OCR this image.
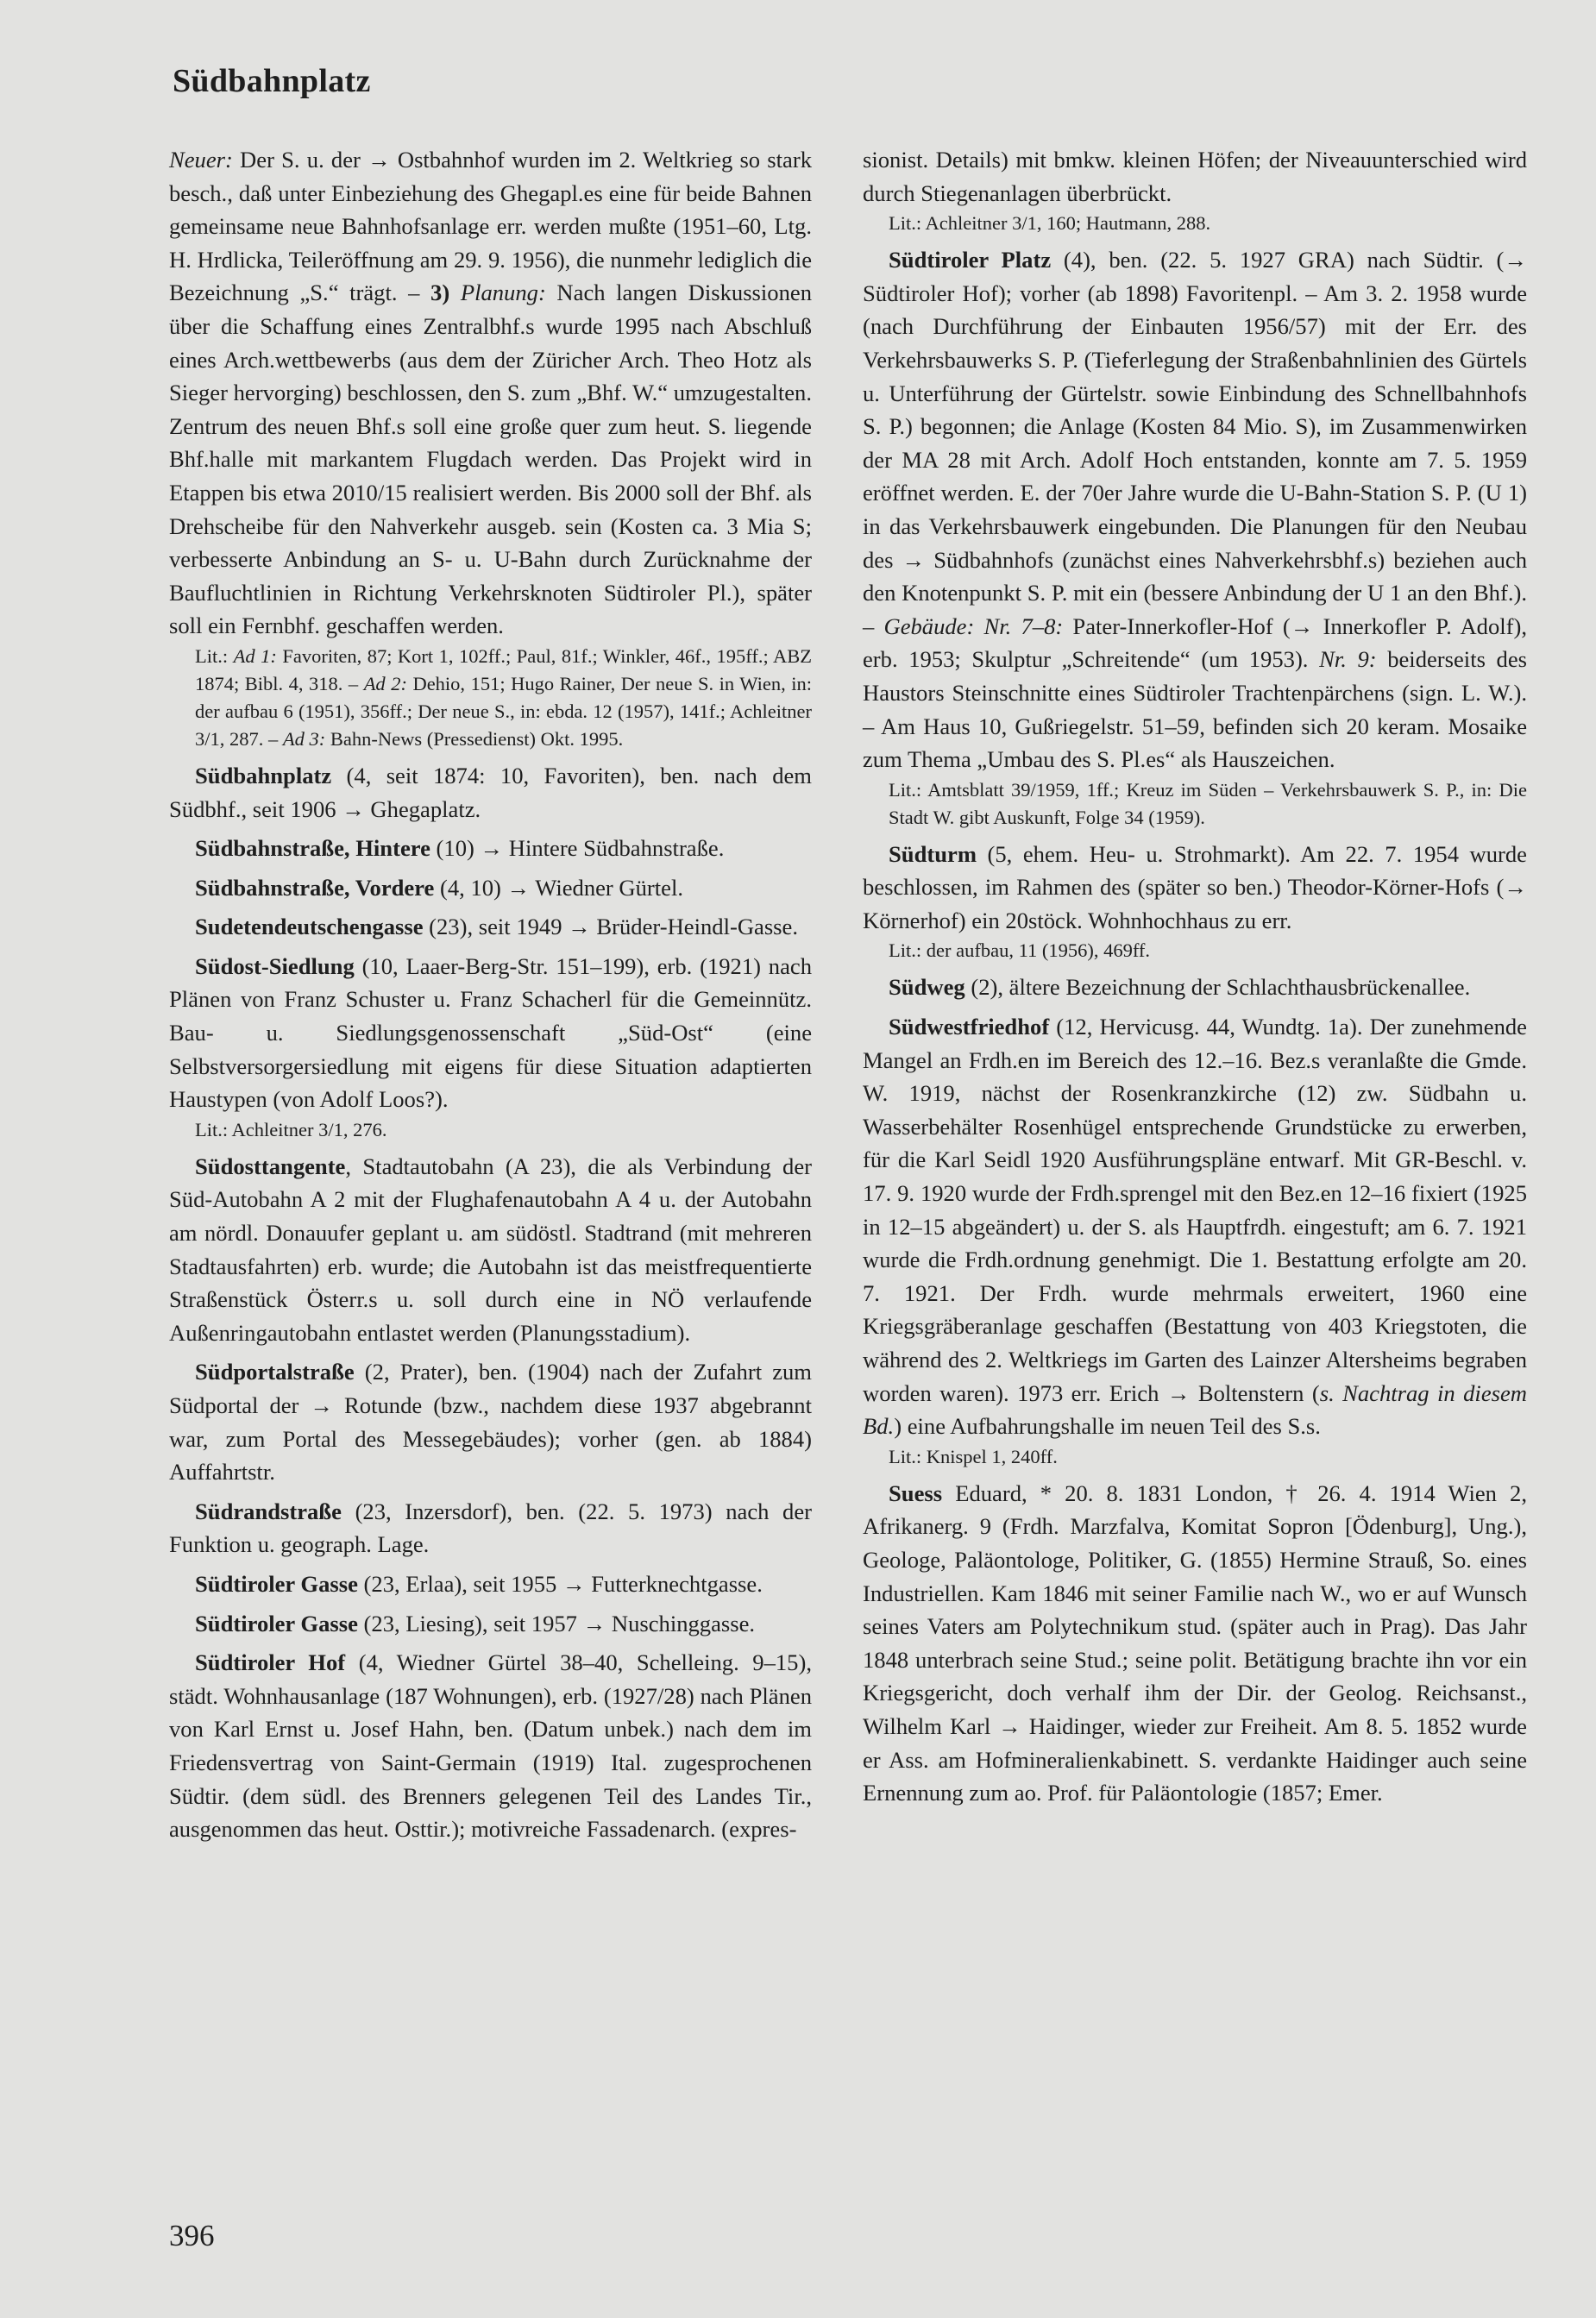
Südbahnplatz

Neuer: Der S. u. der → Ostbahnhof wurden im 2. Weltkrieg so stark besch., daß unter Einbeziehung des Ghegapl.es eine für beide Bahnen gemeinsame neue Bahnhofsanlage err. werden mußte (1951–60, Ltg. H. Hrdlicka, Teileröffnung am 29. 9. 1956), die nunmehr lediglich die Bezeichnung „S.“ trägt. – 3) Planung: Nach langen Diskussionen über die Schaffung eines Zentralbhf.s wurde 1995 nach Abschluß eines Arch.wettbewerbs (aus dem der Züricher Arch. Theo Hotz als Sieger hervorging) beschlossen, den S. zum „Bhf. W.“ umzugestalten. Zentrum des neuen Bhf.s soll eine große quer zum heut. S. liegende Bhf.halle mit markantem Flugdach werden. Das Projekt wird in Etappen bis etwa 2010/15 realisiert werden. Bis 2000 soll der Bhf. als Drehscheibe für den Nahverkehr ausgeb. sein (Kosten ca. 3 Mia S; verbesserte Anbindung an S- u. U-Bahn durch Zurücknahme der Baufluchtlinien in Richtung Verkehrsknoten Südtiroler Pl.), später soll ein Fernbhf. geschaffen werden.

Lit.: Ad 1: Favoriten, 87; Kort 1, 102ff.; Paul, 81f.; Winkler, 46f., 195ff.; ABZ 1874; Bibl. 4, 318. – Ad 2: Dehio, 151; Hugo Rainer, Der neue S. in Wien, in: der aufbau 6 (1951), 356ff.; Der neue S., in: ebda. 12 (1957), 141f.; Achleitner 3/1, 287. – Ad 3: Bahn-News (Pressedienst) Okt. 1995.

Südbahnplatz (4, seit 1874: 10, Favoriten), ben. nach dem Südbhf., seit 1906 → Ghegaplatz.

Südbahnstraße, Hintere (10) → Hintere Südbahnstraße.

Südbahnstraße, Vordere (4, 10) → Wiedner Gürtel.

Sudetendeutschengasse (23), seit 1949 → Brüder-Heindl-Gasse.

Südost-Siedlung (10, Laaer-Berg-Str. 151–199), erb. (1921) nach Plänen von Franz Schuster u. Franz Schacherl für die Gemeinnütz. Bau- u. Siedlungsgenossenschaft „Süd-Ost“ (eine Selbstversorgersiedlung mit eigens für diese Situation adaptierten Haustypen (von Adolf Loos?).

Lit.: Achleitner 3/1, 276.

Südosttangente, Stadtautobahn (A 23), die als Verbindung der Süd-Autobahn A 2 mit der Flughafenautobahn A 4 u. der Autobahn am nördl. Donauufer geplant u. am südöstl. Stadtrand (mit mehreren Stadtausfahrten) erb. wurde; die Autobahn ist das meistfrequentierte Straßenstück Österr.s u. soll durch eine in NÖ verlaufende Außenringautobahn entlastet werden (Planungsstadium).

Südportalstraße (2, Prater), ben. (1904) nach der Zufahrt zum Südportal der → Rotunde (bzw., nachdem diese 1937 abgebrannt war, zum Portal des Messegebäudes); vorher (gen. ab 1884) Auffahrtstr.

Südrandstraße (23, Inzersdorf), ben. (22. 5. 1973) nach der Funktion u. geograph. Lage.

Südtiroler Gasse (23, Erlaa), seit 1955 → Futterknechtgasse.

Südtiroler Gasse (23, Liesing), seit 1957 → Nuschinggasse.

Südtiroler Hof (4, Wiedner Gürtel 38–40, Schelleing. 9–15), städt. Wohnhausanlage (187 Wohnungen), erb. (1927/28) nach Plänen von Karl Ernst u. Josef Hahn, ben. (Datum unbek.) nach dem im Friedensvertrag von Saint-Germain (1919) Ital. zugesprochenen Südtir. (dem südl. des Brenners gelegenen Teil des Landes Tir., ausgenommen das heut. Osttir.); motivreiche Fassadenarch. (expres-

sionist. Details) mit bmkw. kleinen Höfen; der Niveauunterschied wird durch Stiegenanlagen überbrückt.

Lit.: Achleitner 3/1, 160; Hautmann, 288.

Südtiroler Platz (4), ben. (22. 5. 1927 GRA) nach Südtir. (→ Südtiroler Hof); vorher (ab 1898) Favoritenpl. – Am 3. 2. 1958 wurde (nach Durchführung der Einbauten 1956/57) mit der Err. des Verkehrsbauwerks S. P. (Tieferlegung der Straßenbahnlinien des Gürtels u. Unterführung der Gürtelstr. sowie Einbindung des Schnellbahnhofs S. P.) begonnen; die Anlage (Kosten 84 Mio. S), im Zusammenwirken der MA 28 mit Arch. Adolf Hoch entstanden, konnte am 7. 5. 1959 eröffnet werden. E. der 70er Jahre wurde die U-Bahn-Station S. P. (U 1) in das Verkehrsbauwerk eingebunden. Die Planungen für den Neubau des → Südbahnhofs (zunächst eines Nahverkehrsbhf.s) beziehen auch den Knotenpunkt S. P. mit ein (bessere Anbindung der U 1 an den Bhf.). – Gebäude: Nr. 7–8: Pater-Innerkofler-Hof (→ Innerkofler P. Adolf), erb. 1953; Skulptur „Schreitende“ (um 1953). Nr. 9: beiderseits des Haustors Steinschnitte eines Südtiroler Trachtenpärchens (sign. L. W.). – Am Haus 10, Gußriegelstr. 51–59, befinden sich 20 keram. Mosaike zum Thema „Umbau des S. Pl.es“ als Hauszeichen.

Lit.: Amtsblatt 39/1959, 1ff.; Kreuz im Süden – Verkehrsbauwerk S. P., in: Die Stadt W. gibt Auskunft, Folge 34 (1959).

Südturm (5, ehem. Heu- u. Strohmarkt). Am 22. 7. 1954 wurde beschlossen, im Rahmen des (später so ben.) Theodor-Körner-Hofs (→ Körnerhof) ein 20stöck. Wohnhochhaus zu err.

Lit.: der aufbau, 11 (1956), 469ff.

Südweg (2), ältere Bezeichnung der Schlachthausbrückenallee.

Südwestfriedhof (12, Hervicusg. 44, Wundtg. 1a). Der zunehmende Mangel an Frdh.en im Bereich des 12.–16. Bez.s veranlaßte die Gmde. W. 1919, nächst der Rosenkranzkirche (12) zw. Südbahn u. Wasserbehälter Rosenhügel entsprechende Grundstücke zu erwerben, für die Karl Seidl 1920 Ausführungspläne entwarf. Mit GR-Beschl. v. 17. 9. 1920 wurde der Frdh.sprengel mit den Bez.en 12–16 fixiert (1925 in 12–15 abgeändert) u. der S. als Hauptfrdh. eingestuft; am 6. 7. 1921 wurde die Frdh.ordnung genehmigt. Die 1. Bestattung erfolgte am 20. 7. 1921. Der Frdh. wurde mehrmals erweitert, 1960 eine Kriegsgräberanlage geschaffen (Bestattung von 403 Kriegstoten, die während des 2. Weltkriegs im Garten des Lainzer Altersheims begraben worden waren). 1973 err. Erich → Boltenstern (s. Nachtrag in diesem Bd.) eine Aufbahrungshalle im neuen Teil des S.s.

Lit.: Knispel 1, 240ff.

Suess Eduard, * 20. 8. 1831 London, † 26. 4. 1914 Wien 2, Afrikanerg. 9 (Frdh. Marzfalva, Komitat Sopron [Ödenburg], Ung.), Geologe, Paläontologe, Politiker, G. (1855) Hermine Strauß, So. eines Industriellen. Kam 1846 mit seiner Familie nach W., wo er auf Wunsch seines Vaters am Polytechnikum stud. (später auch in Prag). Das Jahr 1848 unterbrach seine Stud.; seine polit. Betätigung brachte ihn vor ein Kriegsgericht, doch verhalf ihm der Dir. der Geolog. Reichsanst., Wilhelm Karl → Haidinger, wieder zur Freiheit. Am 8. 5. 1852 wurde er Ass. am Hofmineralienkabinett. S. verdankte Haidinger auch seine Ernennung zum ao. Prof. für Paläontologie (1857; Emer.

396
